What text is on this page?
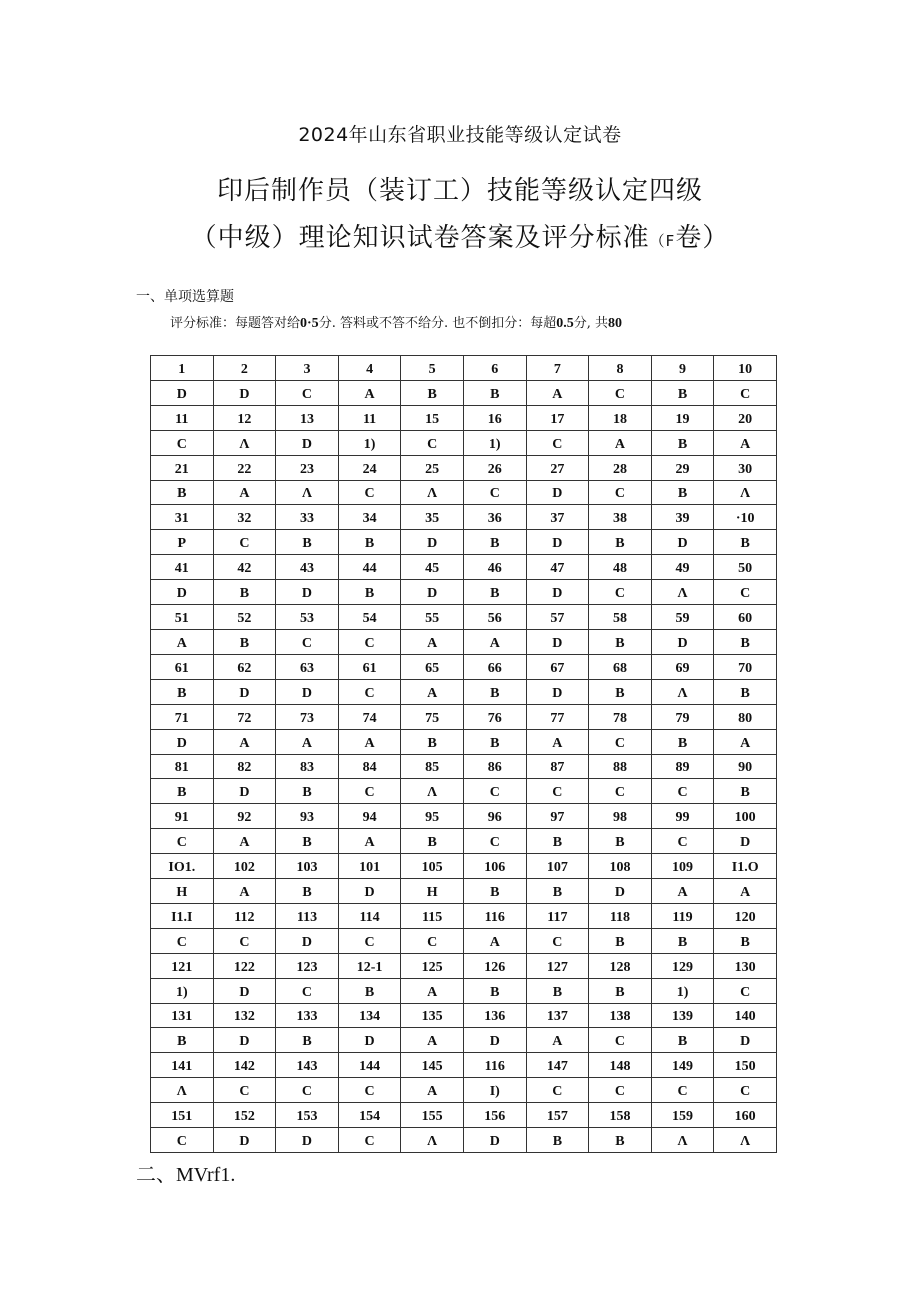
2024年山东省职业技能等级认定试卷
印后制作员（装订工）技能等级认定四级
（中级）理论知识试卷答案及评分标准（F卷）
一、单项选算题
评分标准：每题答对给0·5分. 答料或不答不给分. 也不倒扣分：每超0.5分, 共80
1	2	3	4	5	6	7	8	9	10
D	D	C	A	B	B	A	C	B	C
11	12	13	11	15	16	17	18	19	20
C	Λ	D	1)	C	1)	C	A	B	A
21	22	23	24	25	26	27	28	29	30
B	A	Λ	C	Λ	C	D	C	B	Λ
31	32	33	34	35	36	37	38	39	·10
P	C	B	B	D	B	D	B	D	B
41	42	43	44	45	46	47	48	49	50
D	B	D	B	D	B	D	C	Λ	C
51	52	53	54	55	56	57	58	59	60
A	B	C	C	A	A	D	B	D	B
61	62	63	61	65	66	67	68	69	70
B	D	D	C	A	B	D	B	Λ	B
71	72	73	74	75	76	77	78	79	80
D	A	A	A	B	B	A	C	B	A
81	82	83	84	85	86	87	88	89	90
B	D	B	C	Λ	C	C	C	C	B
91	92	93	94	95	96	97	98	99	100
C	A	B	A	B	C	B	B	C	D
IO1.	102	103	101	105	106	107	108	109	I1.O
H	A	B	D	H	B	B	D	A	A
I1.I	112	113	114	115	116	117	118	119	120
C	C	D	C	C	A	C	B	B	B
121	122	123	12-1	125	126	127	128	129	130
1)	D	C	B	A	B	B	B	1)	C
131	132	133	134	135	136	137	138	139	140
B	D	B	D	A	D	A	C	B	D
141	142	143	144	145	116	147	148	149	150
Λ	C	C	C	A	I)	C	C	C	C
151	152	153	154	155	156	157	158	159	160
C	D	D	C	Λ	D	B	B	Λ	Λ
二、MVrf1.
